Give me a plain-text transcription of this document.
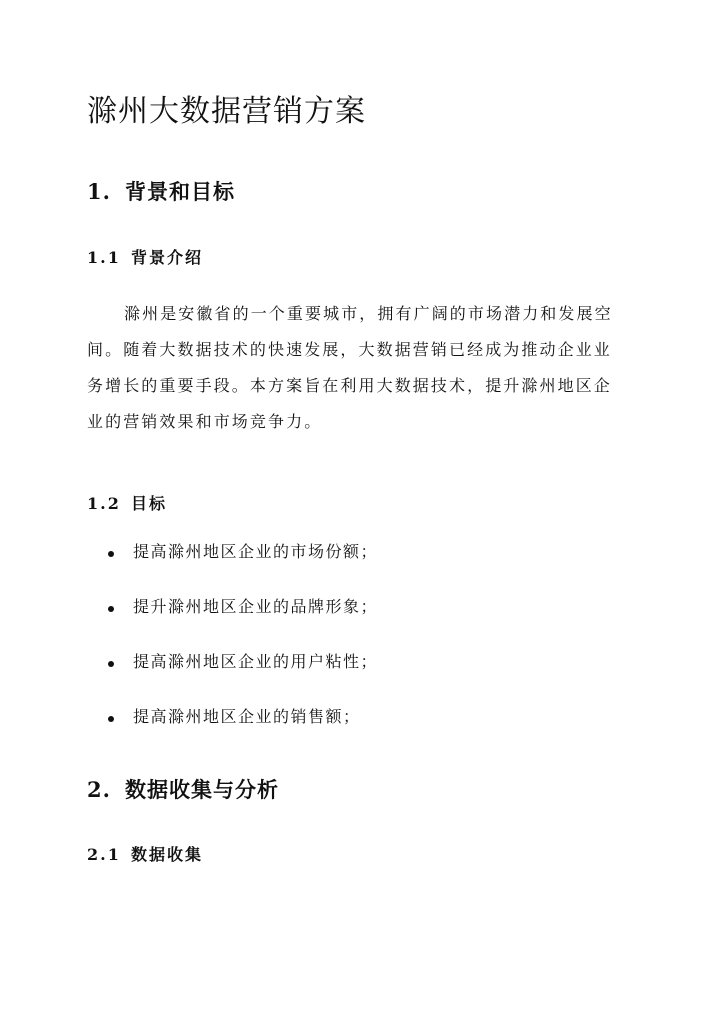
滁州大数据营销方案
1. 背景和目标
1.1 背景介绍

滁州是安徽省的一个重要城市，拥有广阔的市场潜力和发展空
间。随着大数据技术的快速发展，大数据营销已经成为推动企业业
务增长的重要手段。本方案旨在利用大数据技术，提升滁州地区企
业的营销效果和市场竞争力。

1.2 目标
提高滁州地区企业的市场份额；
提升滁州地区企业的品牌形象；
提高滁州地区企业的用户粘性；
提高滁州地区企业的销售额；
2. 数据收集与分析
2.1 数据收集
